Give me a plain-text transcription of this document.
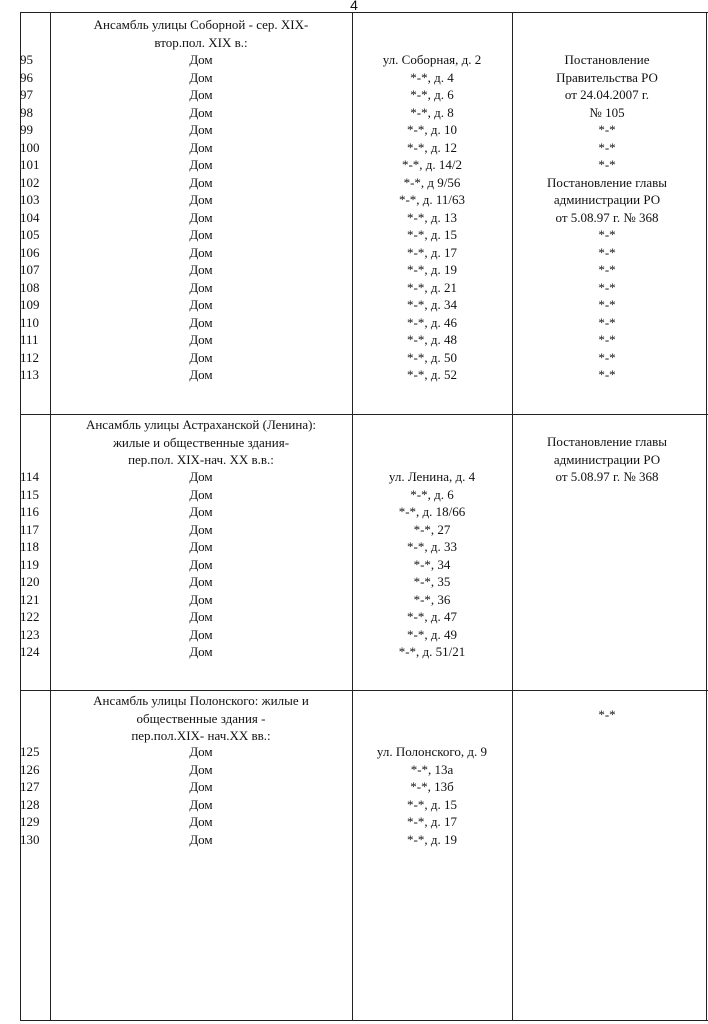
4
Ансамбль улицы Соборной - сер. XIX-
втор.пол. XIX в.:
95	Дом	ул. Соборная, д. 2	Постановление
96	Дом	*-*, д. 4	Правительства РО
97	Дом	*-*, д. 6	от 24.04.2007 г.
98	Дом	*-*, д. 8	№ 105
99	Дом	*-*, д. 10	*-*
100	Дом	*-*, д. 12	*-*
101	Дом	*-*, д. 14/2	*-*
102	Дом	*-*, д 9/56	Постановление главы
103	Дом	*-*, д. 11/63	администрации РО
104	Дом	*-*, д. 13	от 5.08.97 г. № 368
105	Дом	*-*, д. 15	*-*
106	Дом	*-*, д. 17	*-*
107	Дом	*-*, д. 19	*-*
108	Дом	*-*, д. 21	*-*
109	Дом	*-*, д. 34	*-*
110	Дом	*-*, д. 46	*-*
111	Дом	*-*, д. 48	*-*
112	Дом	*-*, д. 50	*-*
113	Дом	*-*, д. 52	*-*
Ансамбль улицы Астраханской (Ленина):
жилые и общественные здания-
пер.пол. XIX-нач. XX в.в.:
Постановление главы
администрации РО
от 5.08.97 г. № 368
114	Дом	ул. Ленина, д. 4
115	Дом	*-*, д. 6
116	Дом	*-*, д. 18/66
117	Дом	*-*, 27
118	Дом	*-*, д. 33
119	Дом	*-*, 34
120	Дом	*-*, 35
121	Дом	*-*, 36
122	Дом	*-*, д. 47
123	Дом	*-*, д. 49
124	Дом	*-*, д. 51/21
Ансамбль улицы Полонского: жилые и
общественные здания -
пер.пол.XIX- нач.XX вв.:
*-*
125	Дом	ул. Полонского, д. 9
126	Дом	*-*, 13а
127	Дом	*-*, 13б
128	Дом	*-*, д. 15
129	Дом	*-*, д. 17
130	Дом	*-*, д. 19
